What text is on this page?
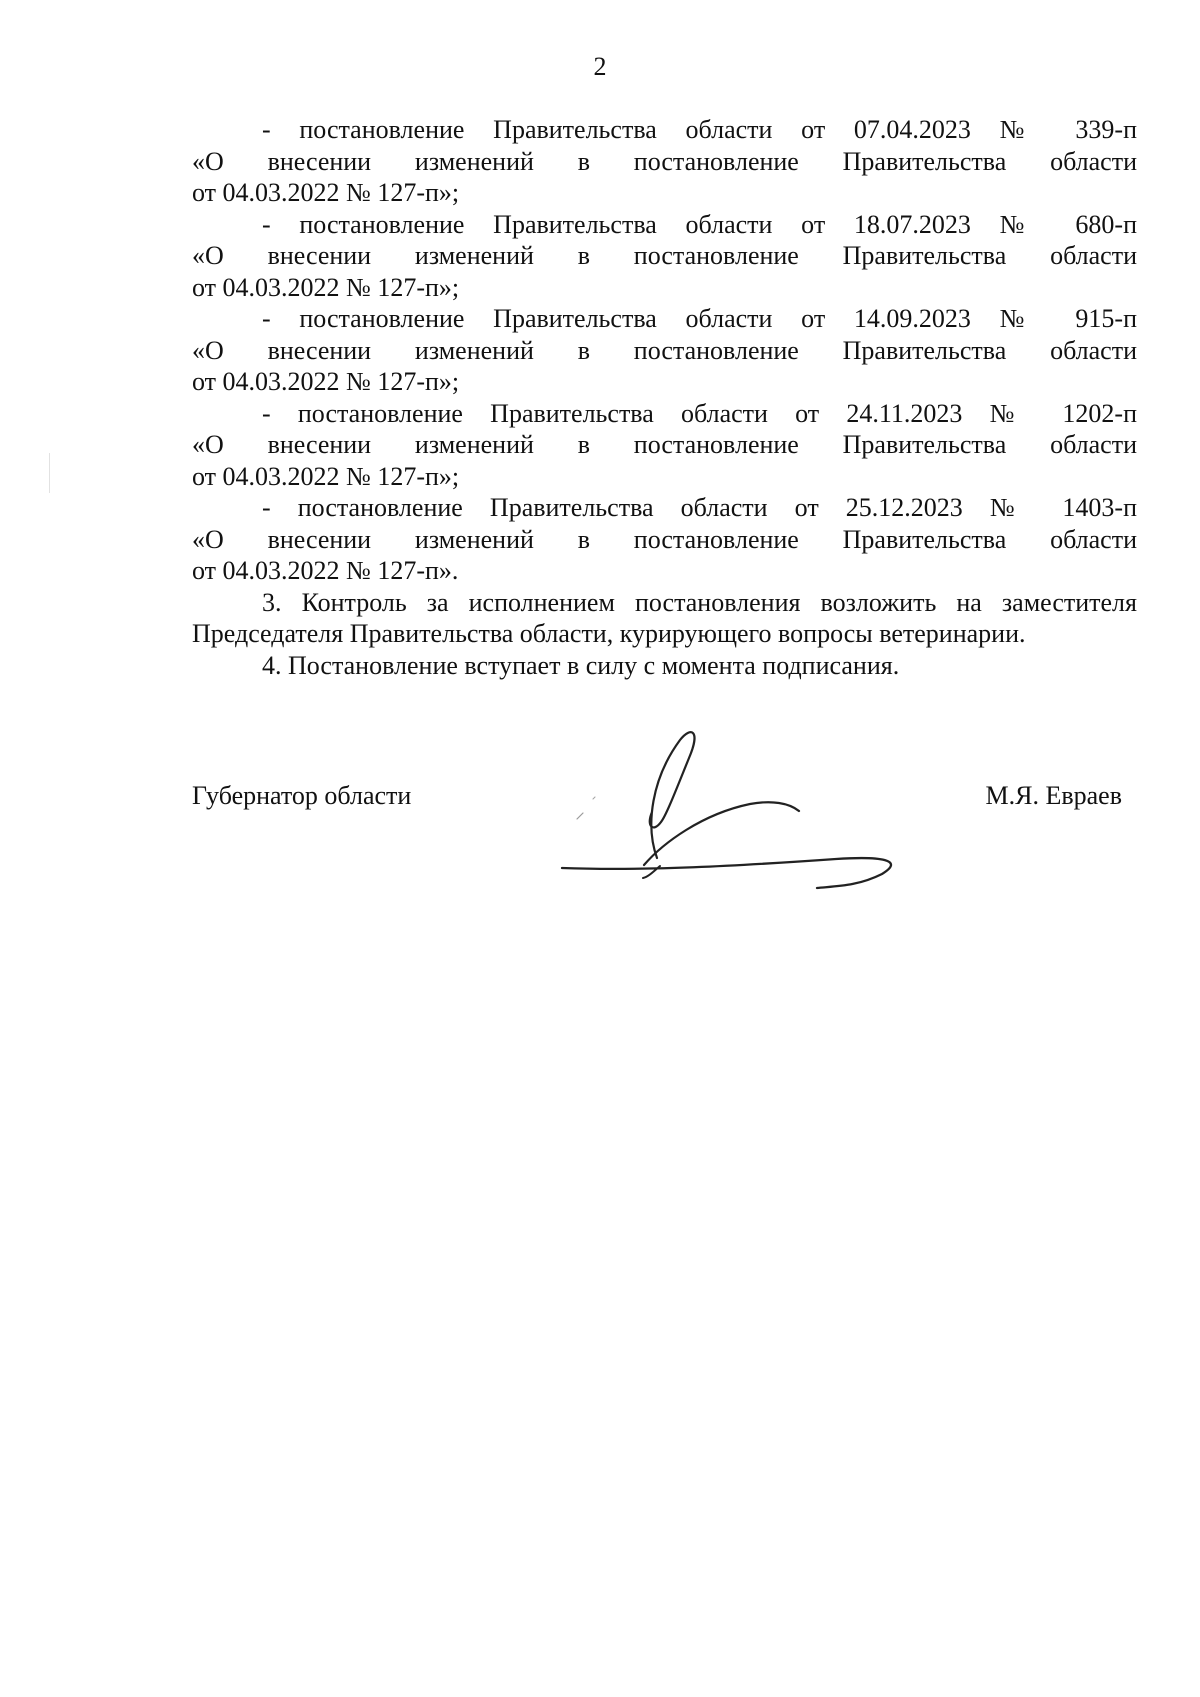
2
- постановление Правительства области от 07.04.2023 № 339-п
«О внесении изменений в постановление Правительства области
от 04.03.2022 № 127-п»;
- постановление Правительства области от 18.07.2023 № 680-п
«О внесении изменений в постановление Правительства области
от 04.03.2022 № 127-п»;
- постановление Правительства области от 14.09.2023 № 915-п
«О внесении изменений в постановление Правительства области
от 04.03.2022 № 127-п»;
- постановление Правительства области от 24.11.2023 № 1202-п
«О внесении изменений в постановление Правительства области
от 04.03.2022 № 127-п»;
- постановление Правительства области от 25.12.2023 № 1403-п
«О внесении изменений в постановление Правительства области
от 04.03.2022 № 127-п».
3. Контроль за исполнением постановления возложить на заместителя
Председателя Правительства области, курирующего вопросы ветеринарии.
4. Постановление вступает в силу с момента подписания.
Губернатор области	М.Я. Евраев
